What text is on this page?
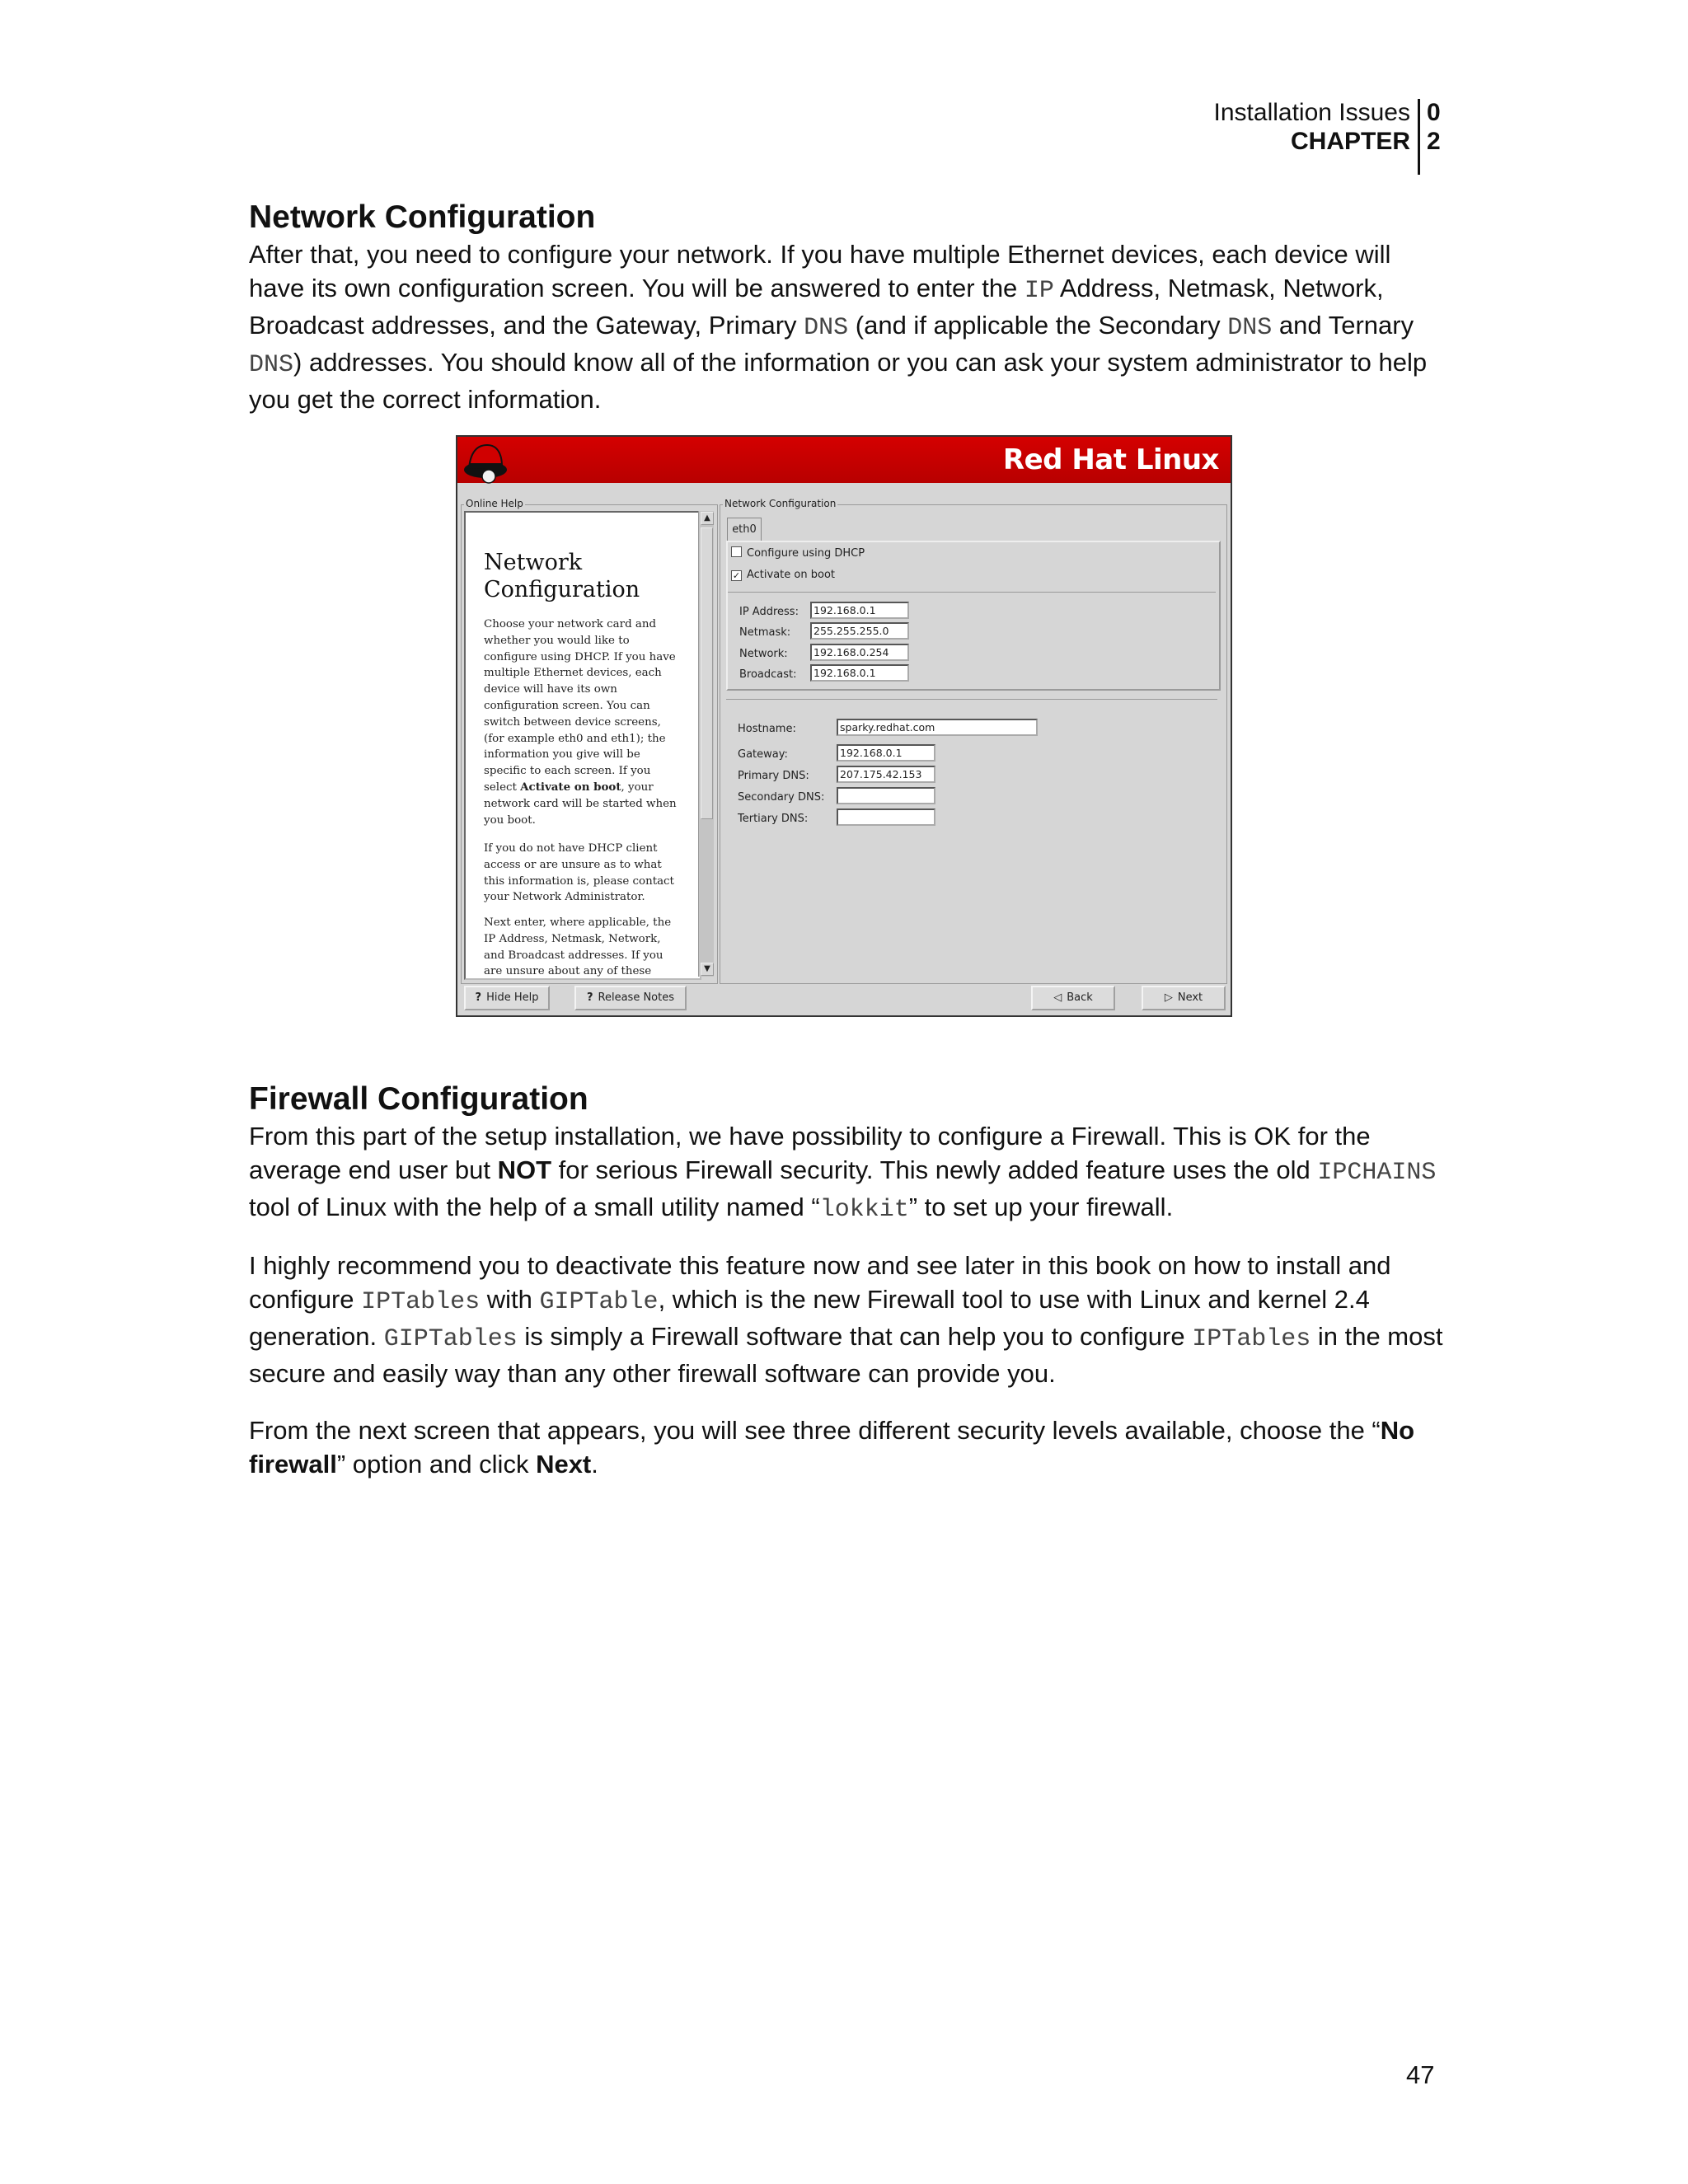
Installation Issues
CHAPTER
0
2
Network Configuration

After that, you need to configure your network. If you have multiple Ethernet devices, each device will have its own configuration screen. You will be answered to enter the IP Address, Netmask, Network, Broadcast addresses, and the Gateway, Primary DNS (and if applicable the Secondary DNS and Ternary DNS) addresses. You should know all of the information or you can ask your system administrator to help you get the correct information.

Red Hat Linux
Online Help
Network
Configuration
Choose your network card and whether you would like to configure using DHCP. If you have multiple Ethernet devices, each device will have its own configuration screen. You can switch between device screens, (for example eth0 and eth1); the information you give will be specific to each screen. If you select Activate on boot, your network card will be started when you boot.
If you do not have DHCP client access or are unsure as to what this information is, please contact your Network Administrator.
Next enter, where applicable, the IP Address, Netmask, Network, and Broadcast addresses. If you are unsure about any of these
▲
▼
Network Configuration
eth0
Configure using DHCP
✓ Activate on boot
IP Address:	192.168.0.1
Netmask:	255.255.255.0
Network:	192.168.0.254
Broadcast:	192.168.0.1
Hostname:	sparky.redhat.com
Gateway:	192.168.0.1
Primary DNS:	207.175.42.153
Secondary DNS:
Tertiary DNS:
? Hide Help	? Release Notes	◁ Back	▷ Next
Firewall Configuration

From this part of the setup installation, we have possibility to configure a Firewall. This is OK for the average end user but NOT for serious Firewall security. This newly added feature uses the old IPCHAINS tool of Linux with the help of a small utility named “lokkit” to set up your firewall.

I highly recommend you to deactivate this feature now and see later in this book on how to install and configure IPTables with GIPTable, which is the new Firewall tool to use with Linux and kernel 2.4 generation. GIPTables is simply a Firewall software that can help you to configure IPTables in the most secure and easily way than any other firewall software can provide you.

From the next screen that appears, you will see three different security levels available, choose the “No firewall” option and click Next.

47
